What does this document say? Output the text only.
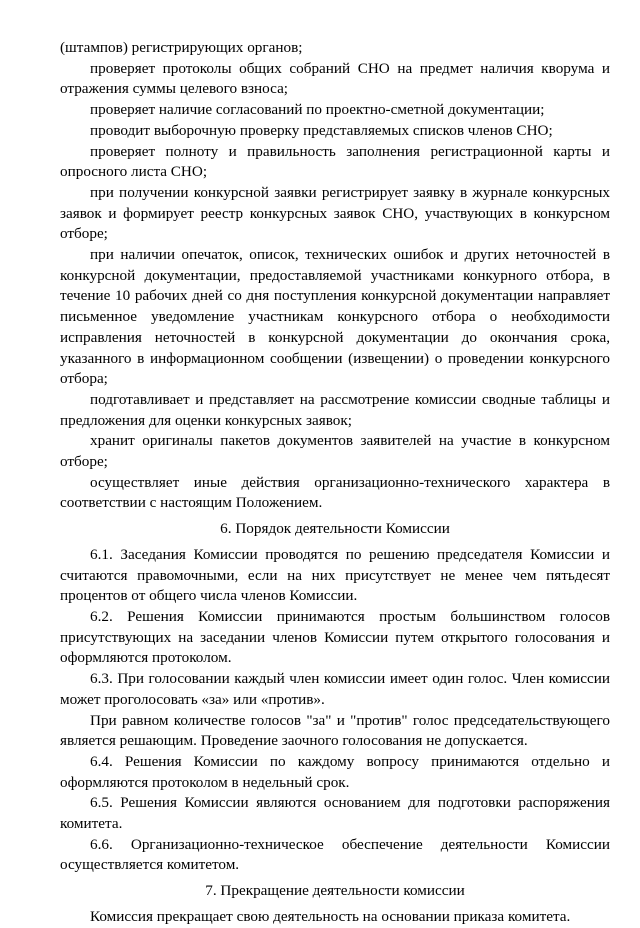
(штампов) регистрирующих органов;

проверяет протоколы общих собраний СНО на предмет наличия кворума и отражения суммы целевого взноса;

проверяет наличие согласований по проектно-сметной документации;

проводит выборочную проверку представляемых списков членов СНО;

проверяет полноту и правильность заполнения регистрационной карты и опросного листа СНО;

при получении конкурсной заявки регистрирует заявку в журнале конкурсных заявок и формирует реестр конкурсных заявок СНО, участвующих в конкурсном отборе;

при наличии опечаток, описок, технических ошибок и других неточностей в конкурсной документации, предоставляемой участниками конкурного отбора, в течение 10 рабочих дней со дня поступления конкурсной документации направляет письменное уведомление участникам конкурсного отбора о необходимости исправления неточностей в конкурсной документации до окончания срока, указанного в информационном сообщении (извещении) о проведении конкурсного отбора;

подготавливает и представляет на рассмотрение комиссии сводные таблицы и предложения для оценки конкурсных заявок;

хранит оригиналы пакетов документов заявителей на участие в конкурсном отборе;

осуществляет иные действия организационно-технического характера в соответствии с настоящим Положением.

6. Порядок деятельности Комиссии

6.1. Заседания Комиссии проводятся по решению председателя Комиссии и считаются правомочными, если на них присутствует не менее чем пятьдесят процентов от общего числа членов Комиссии.

6.2. Решения Комиссии принимаются простым большинством голосов присутствующих на заседании членов Комиссии путем открытого голосования и оформляются протоколом.

6.3. При голосовании каждый член комиссии имеет один голос. Член комиссии может проголосовать «за» или «против».

При равном количестве голосов "за" и "против" голос председательствующего является решающим. Проведение заочного голосования не допускается.

6.4. Решения Комиссии по каждому вопросу принимаются отдельно и оформляются протоколом в недельный срок.

6.5. Решения Комиссии являются основанием для подготовки распоряжения комитета.

6.6. Организационно-техническое обеспечение деятельности Комиссии осуществляется комитетом.

7. Прекращение деятельности комиссии

Комиссия прекращает свою деятельность на основании приказа комитета.
